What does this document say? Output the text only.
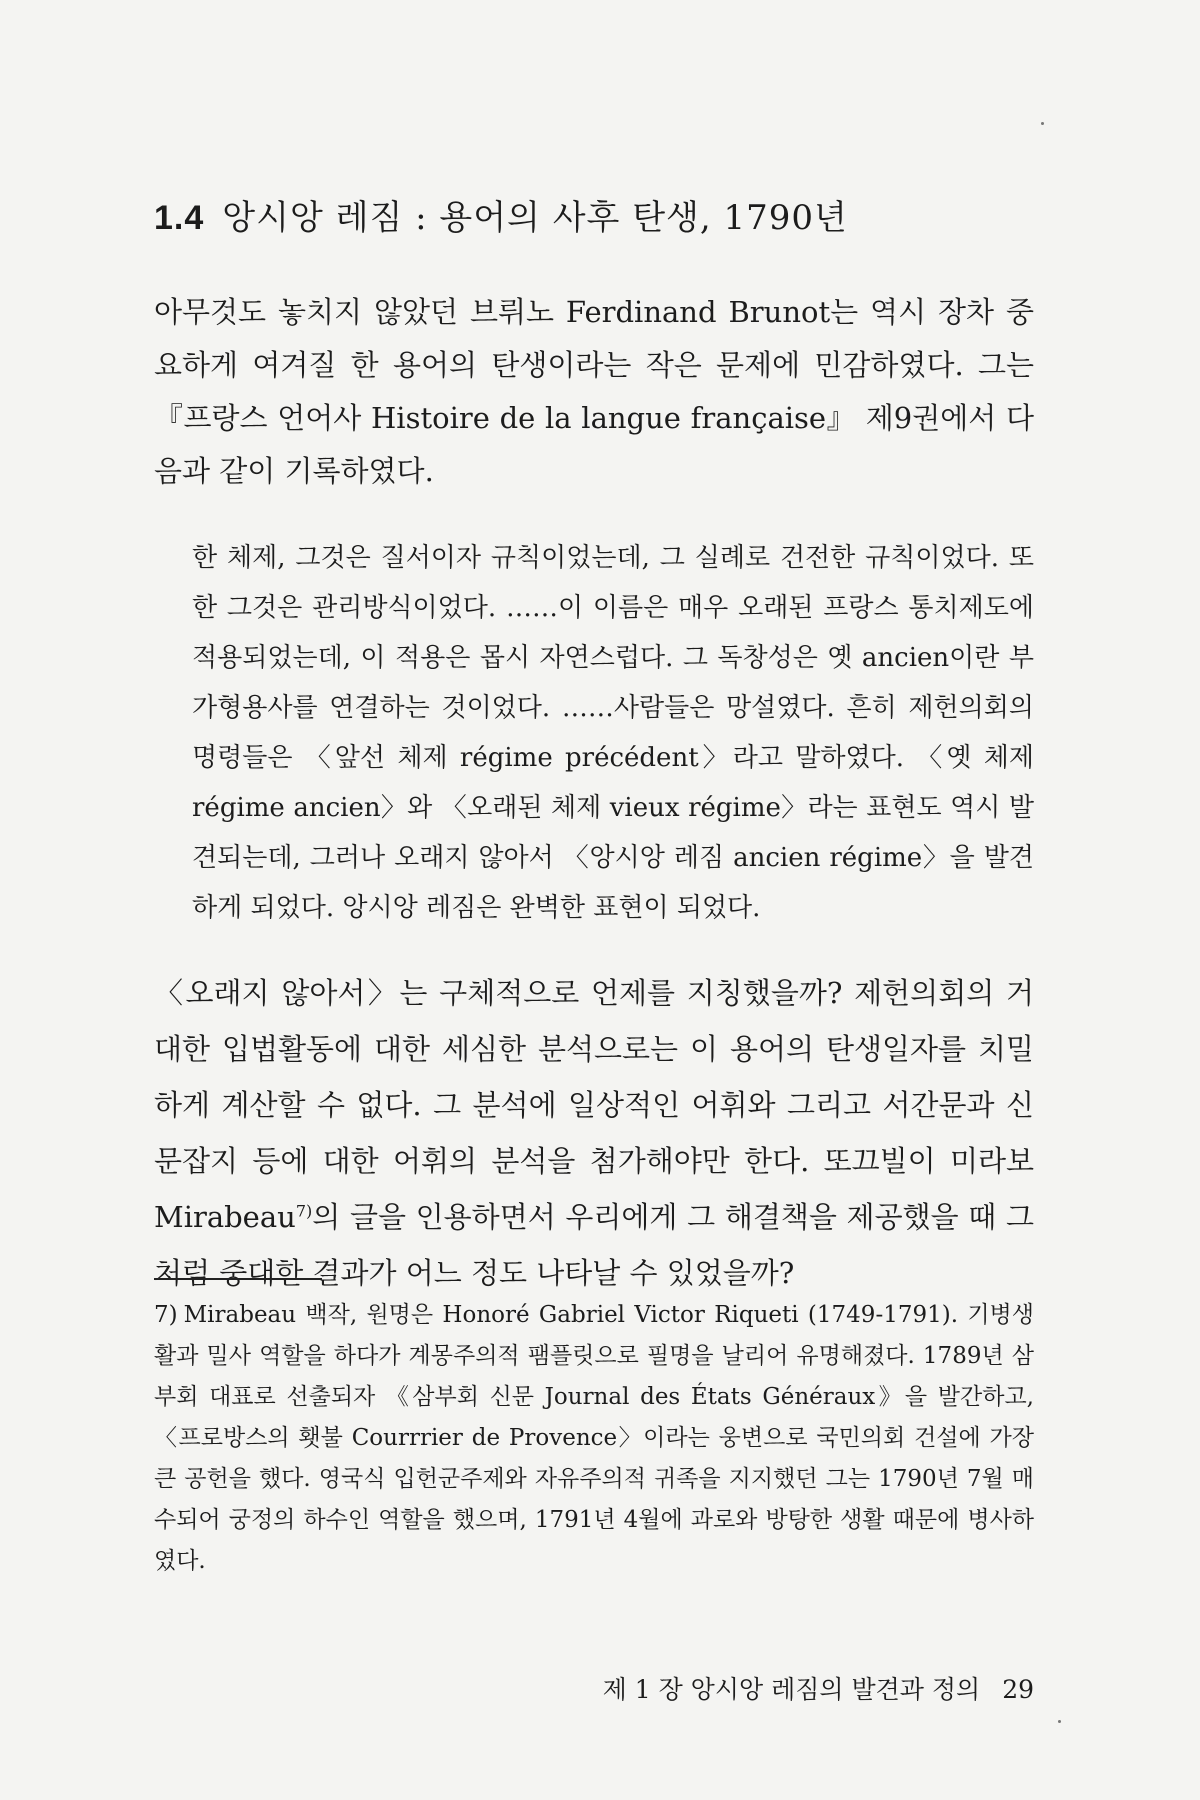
1.4 앙시앙 레짐 : 용어의 사후 탄생, 1790년
아무것도 놓치지 않았던 브뤼노 Ferdinand Brunot는 역시 장차 중요하게 여겨질 한 용어의 탄생이라는 작은 문제에 민감하였다. 그는 『프랑스 언어사 Histoire de la langue française』 제9권에서 다음과 같이 기록하였다.
한 체제, 그것은 질서이자 규칙이었는데, 그 실례로 건전한 규칙이었다. 또한 그것은 관리방식이었다. ……이 이름은 매우 오래된 프랑스 통치제도에 적용되었는데, 이 적용은 몹시 자연스럽다. 그 독창성은 옛 ancien이란 부가형용사를 연결하는 것이었다. ……사람들은 망설였다. 흔히 제헌의회의 명령들은 〈앞선 체제 régime précédent〉라고 말하였다. 〈옛 체제 régime ancien〉와 〈오래된 체제 vieux régime〉라는 표현도 역시 발견되는데, 그러나 오래지 않아서 〈앙시앙 레짐 ancien régime〉을 발견하게 되었다. 앙시앙 레짐은 완벽한 표현이 되었다.
〈오래지 않아서〉는 구체적으로 언제를 지칭했을까? 제헌의회의 거대한 입법활동에 대한 세심한 분석으로는 이 용어의 탄생일자를 치밀하게 계산할 수 없다. 그 분석에 일상적인 어휘와 그리고 서간문과 신문잡지 등에 대한 어휘의 분석을 첨가해야만 한다. 또끄빌이 미라보 Mirabeau$^{7)}$의 글을 인용하면서 우리에게 그 해결책을 제공했을 때 그처럼 중대한 결과가 어느 정도 나타날 수 있었을까?
7) Mirabeau 백작, 원명은 Honoré Gabriel Victor Riqueti (1749-1791). 기병생활과 밀사 역할을 하다가 계몽주의적 팸플릿으로 필명을 날리어 유명해졌다. 1789년 삼부회 대표로 선출되자 《삼부회 신문 Journal des États Généraux》을 발간하고, 〈프로방스의 횃불 Courrrier de Provence〉이라는 웅변으로 국민의회 건설에 가장 큰 공헌을 했다. 영국식 입헌군주제와 자유주의적 귀족을 지지했던 그는 1790년 7월 매수되어 궁정의 하수인 역할을 했으며, 1791년 4월에 과로와 방탕한 생활 때문에 병사하였다.
제 1 장 앙시앙 레짐의 발견과 정의 29
